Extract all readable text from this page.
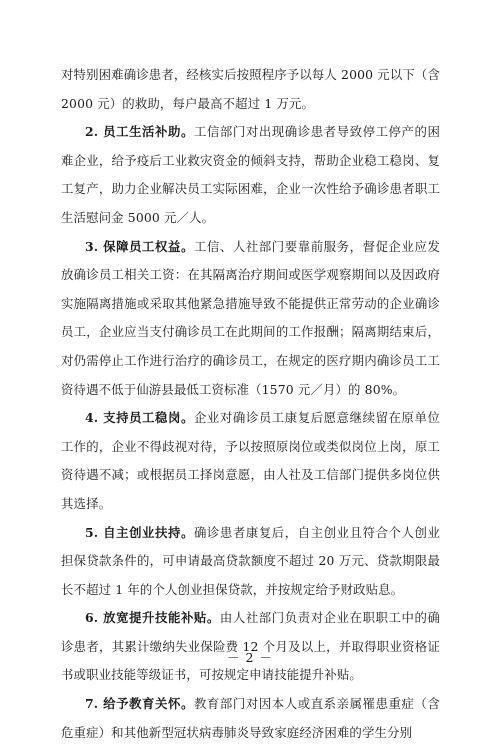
对特别困难确诊患者，经核实后按照程序予以每人 2000 元以下（含 2000 元）的救助，每户最高不超过 1 万元。

2. 员工生活补助。工信部门对出现确诊患者导致停工停产的困难企业，给予疫后工业救灾资金的倾斜支持，帮助企业稳工稳岗、复工复产，助力企业解决员工实际困难，企业一次性给予确诊患者职工生活慰问金 5000 元／人。

3. 保障员工权益。工信、人社部门要靠前服务，督促企业应发放确诊员工相关工资：在其隔离治疗期间或医学观察期间以及因政府实施隔离措施或采取其他紧急措施导致不能提供正常劳动的企业确诊员工，企业应当支付确诊员工在此期间的工作报酬；隔离期结束后，对仍需停止工作进行治疗的确诊员工，在规定的医疗期内确诊员工工资待遇不低于仙游县最低工资标准（1570 元／月）的 80%。

4. 支持员工稳岗。企业对确诊员工康复后愿意继续留在原单位工作的，企业不得歧视对待，予以按照原岗位或类似岗位上岗，原工资待遇不减；或根据员工择岗意愿，由人社及工信部门提供多岗位供其选择。

5. 自主创业扶持。确诊患者康复后，自主创业且符合个人创业担保贷款条件的，可申请最高贷款额度不超过 20 万元、贷款期限最长不超过 1 年的个人创业担保贷款，并按规定给予财政贴息。

6. 放宽提升技能补贴。由人社部门负责对企业在职职工中的确诊患者，其累计缴纳失业保险费 12 个月及以上，并取得职业资格证书或职业技能等级证书，可按规定申请技能提升补贴。

7. 给予教育关怀。教育部门对因本人或直系亲属罹患重症（含危重症）和其他新型冠状病毒肺炎导致家庭经济困难的学生分别

－ 2 －
